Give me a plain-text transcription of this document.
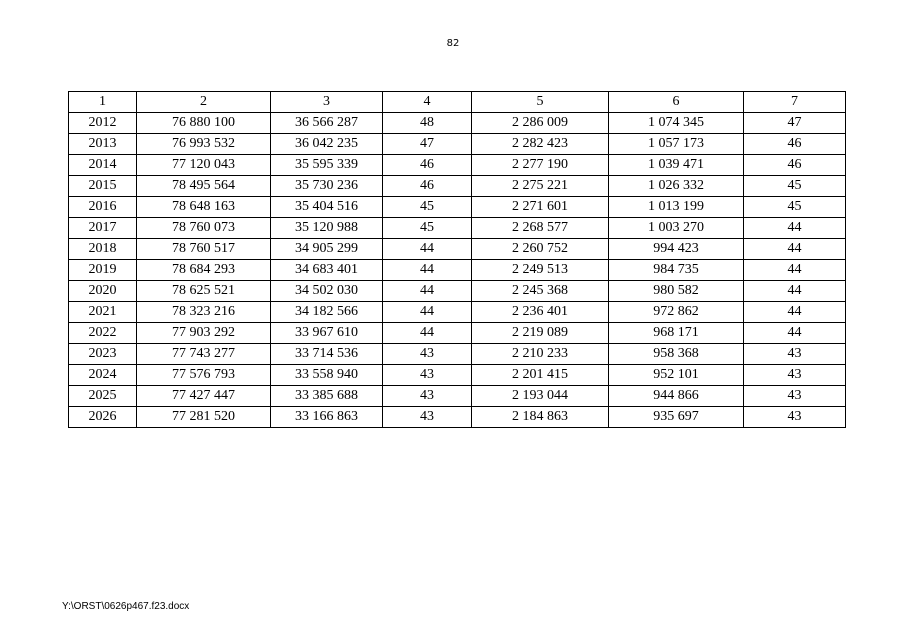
82
1	2	3	4	5	6	7
2012	76 880 100	36 566 287	48	2 286 009	1 074 345	47
2013	76 993 532	36 042 235	47	2 282 423	1 057 173	46
2014	77 120 043	35 595 339	46	2 277 190	1 039 471	46
2015	78 495 564	35 730 236	46	2 275 221	1 026 332	45
2016	78 648 163	35 404 516	45	2 271 601	1 013 199	45
2017	78 760 073	35 120 988	45	2 268 577	1 003 270	44
2018	78 760 517	34 905 299	44	2 260 752	994 423	44
2019	78 684 293	34 683 401	44	2 249 513	984 735	44
2020	78 625 521	34 502 030	44	2 245 368	980 582	44
2021	78 323 216	34 182 566	44	2 236 401	972 862	44
2022	77 903 292	33 967 610	44	2 219 089	968 171	44
2023	77 743 277	33 714 536	43	2 210 233	958 368	43
2024	77 576 793	33 558 940	43	2 201 415	952 101	43
2025	77 427 447	33 385 688	43	2 193 044	944 866	43
2026	77 281 520	33 166 863	43	2 184 863	935 697	43
Y:\ORST\0626p467.f23.docx
